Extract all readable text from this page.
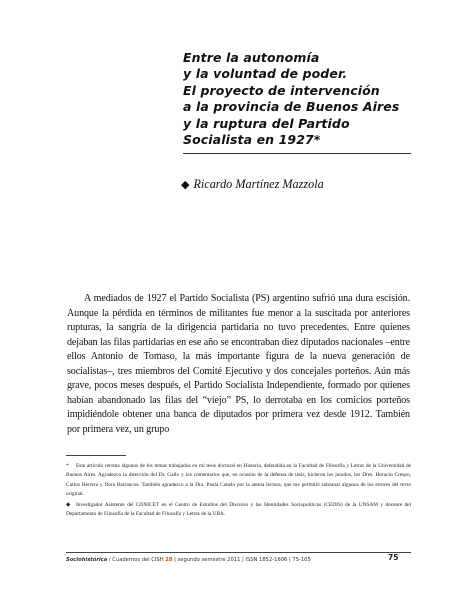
Entre la autonomía
y la voluntad de poder.
El proyecto de intervención
a la provincia de Buenos Aires
y la ruptura del Partido
Socialista en 1927*
◆ Ricardo Martínez Mazzola
A mediados de 1927 el Partido Socialista (PS) argentino sufrió una dura escisión. Aunque la pérdida en términos de militantes fue menor a la suscitada por anteriores rupturas, la sangría de la dirigencia partidaria no tuvo precedentes. Entre quienes dejaban las filas partidarias en ese año se encontraban diez diputados nacionales –entre ellos Antonio de Tomaso, la más importante figura de la nueva generación de socialistas–, tres miembros del Comité Ejecutivo y dos concejales porteños. Aún más grave, pocos meses después, el Partido Socialista Independiente, formado por quienes habían abandonado las filas del “viejo” PS, lo derrotaba en los comicios porteños impidiéndole obtener una banca de diputados por primera vez desde 1912. También por primera vez, un grupo

* Este artículo retoma algunos de los temas trabajados en mi tesis doctoral en Historia, defendida en la Facultad de Filosofía y Letras de la Universidad de Buenos Aires. Agradezco la dirección del Dr. Gallo y los comentarios que, en ocasión de la defensa de tesis, hicieron los jurados, los Dres. Horacio Crespo, Carlos Herrera y Dora Barrancos. También agradezco a la Dra. Paula Canelo por la atenta lectura, que me permitió subsanar algunos de los errores del texto original.

◆ Investigador Asistente del CONICET en el Centro de Estudios del Discurso y las Identidades Sociopolíticas (CEDIS) de la UNSAM y docente del Departamento de Filosofía de la Facultad de Filosofía y Letras de la UBA.

Sociohistórica / Cuadernos del CISH 28 | segundo semestre 2011 | ISSN 1852-1606 | 75-105	75
